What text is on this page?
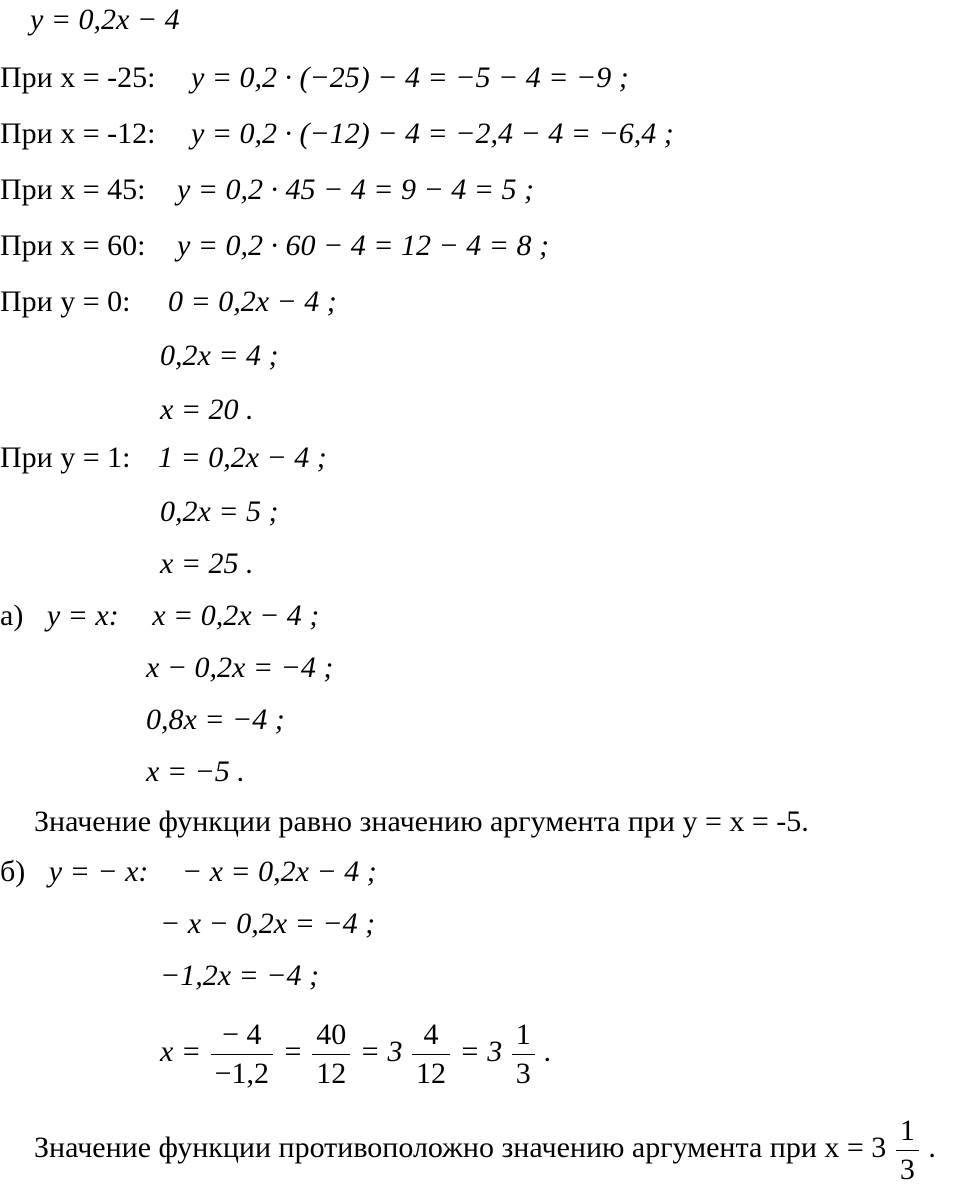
y = 0,2x − 4
При x = -25: y = 0,2 · (−25) − 4 = −5 − 4 = −9 ;
При x = -12: y = 0,2 · (−12) − 4 = −2,4 − 4 = −6,4 ;
При x = 45: y = 0,2 · 45 − 4 = 9 − 4 = 5 ;
При x = 60: y = 0,2 · 60 − 4 = 12 − 4 = 8 ;
При y = 0: 0 = 0,2x − 4 ;
0,2x = 4 ;
x = 20 .
При y = 1: 1 = 0,2x − 4 ;
0,2x = 5 ;
x = 25 .
а) y = x: x = 0,2x − 4 ;
x − 0,2x = −4 ;
0,8x = −4 ;
x = −5 .
Значение функции равно значению аргумента при y = x = -5.
б) y = − x: − x = 0,2x − 4 ;
− x − 0,2x = −4 ;
−1,2x = −4 ;
$x = \frac{- 4}{-1,2} = \frac{40}{12} = 3 \frac{4}{12} = 3 \frac{1}{3}$ .
Значение функции противоположно значению аргумента при $x = 3 \frac{1}{3}$ .
